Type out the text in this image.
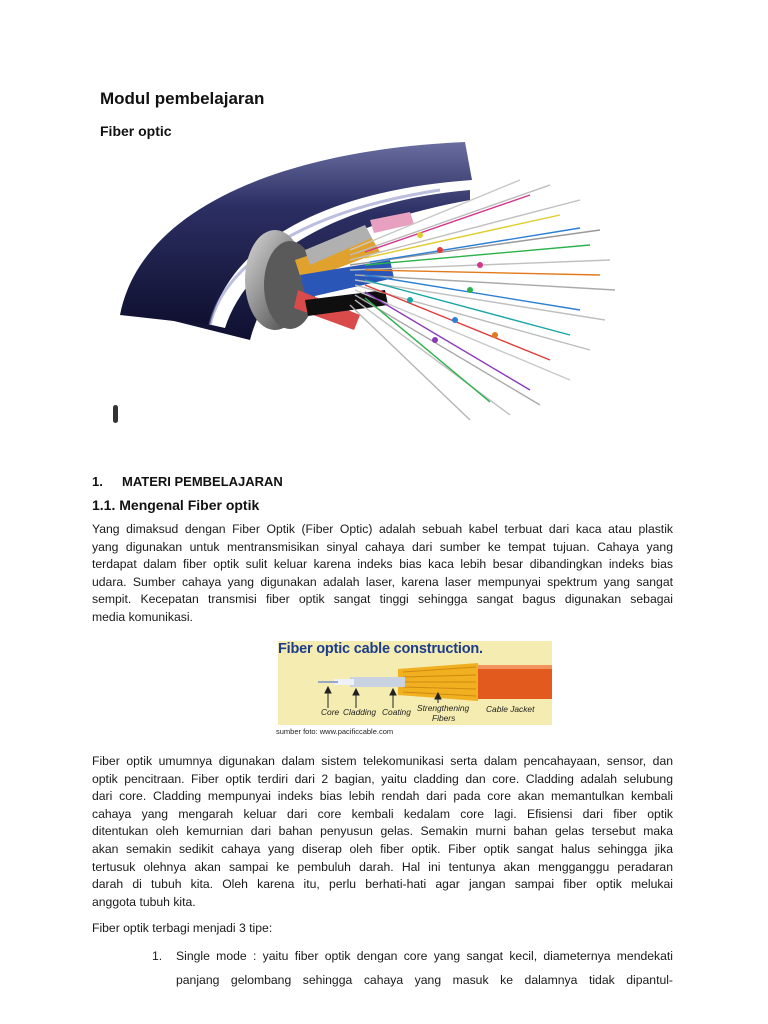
Modul pembelajaran
Fiber optic
1. MATERI PEMBELAJARAN
1.1. Mengenal Fiber optik
Yang dimaksud dengan Fiber Optik (Fiber Optic) adalah sebuah kabel terbuat dari kaca atau plastik
yang digunakan untuk mentransmisikan sinyal cahaya dari sumber ke tempat tujuan. Cahaya yang
terdapat dalam fiber optik sulit keluar karena indeks bias kaca lebih besar dibandingkan indeks bias
udara. Sumber cahaya yang digunakan adalah laser, karena laser mempunyai spektrum yang sangat
sempit. Kecepatan transmisi fiber optik sangat tinggi sehingga sangat bagus digunakan sebagai
media komunikasi.
Fiber optic cable construction.
Core Cladding Coating Strengthening
Fibers
Cable Jacket
sumber foto: www.pacificcable.com
Fiber optik umumnya digunakan dalam sistem telekomunikasi serta dalam pencahayaan, sensor, dan
optik pencitraan. Fiber optik terdiri dari 2 bagian, yaitu cladding dan core. Cladding adalah selubung
dari core. Cladding mempunyai indeks bias lebih rendah dari pada core akan memantulkan kembali
cahaya yang mengarah keluar dari core kembali kedalam core lagi. Efisiensi dari fiber optik
ditentukan oleh kemurnian dari bahan penyusun gelas. Semakin murni bahan gelas tersebut maka
akan semakin sedikit cahaya yang diserap oleh fiber optik. Fiber optik sangat halus sehingga jika
tertusuk olehnya akan sampai ke pembuluh darah. Hal ini tentunya akan mengganggu peradaran
darah di tubuh kita. Oleh karena itu, perlu berhati-hati agar jangan sampai fiber optik melukai
anggota tubuh kita.
Fiber optik terbagi menjadi 3 tipe:
1.	Single mode : yaitu fiber optik dengan core yang sangat kecil, diameternya mendekati
panjang gelombang sehingga cahaya yang masuk ke dalamnya tidak dipantul-
